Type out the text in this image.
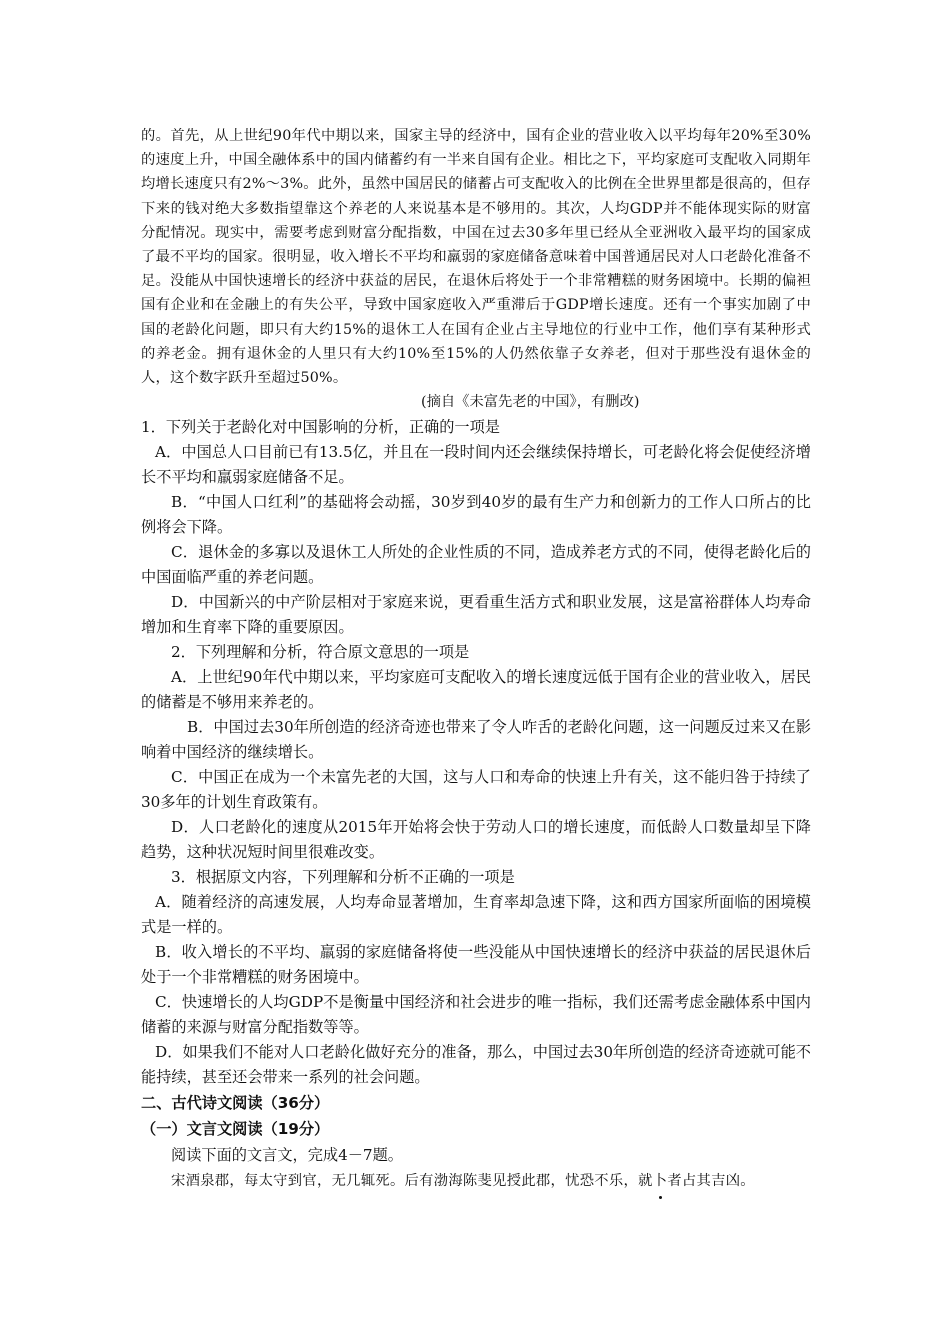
的。首先，从上世纪90年代中期以来，国家主导的经济中，国有企业的营业收入以平均每年20%至30%的速度上升，中国全融体系中的国内储蓄约有一半来自国有企业。相比之下，平均家庭可支配收入同期年均增长速度只有2%～3%。此外，虽然中国居民的储蓄占可支配收入的比例在全世界里都是很高的，但存下来的钱对绝大多数指望靠这个养老的人来说基本是不够用的。其次，人均GDP并不能体现实际的财富分配情况。现实中，需要考虑到财富分配指数，中国在过去30多年里已经从全亚洲收入最平均的国家成了最不平均的国家。很明显，收入增长不平均和羸弱的家庭储备意味着中国普通居民对人口老龄化准备不足。没能从中国快速增长的经济中获益的居民，在退休后将处于一个非常糟糕的财务困境中。长期的偏袒国有企业和在金融上的有失公平，导致中国家庭收入严重滞后于GDP增长速度。还有一个事实加剧了中国的老龄化问题，即只有大约15%的退休工人在国有企业占主导地位的行业中工作，他们享有某种形式的养老金。拥有退休金的人里只有大约10%至15%的人仍然依靠子女养老，但对于那些没有退休金的人，这个数字跃升至超过50%。

(摘自《未富先老的中国》，有删改)

1．下列关于老龄化对中国影响的分析，正确的一项是

A．中国总人口目前已有13.5亿，并且在一段时间内还会继续保持增长，可老龄化将会促使经济增长不平均和羸弱家庭储备不足。

B．“中国人口红利”的基础将会动摇，30岁到40岁的最有生产力和创新力的工作人口所占的比例将会下降。

C．退休金的多寡以及退休工人所处的企业性质的不同，造成养老方式的不同，使得老龄化后的中国面临严重的养老问题。

D．中国新兴的中产阶层相对于家庭来说，更看重生活方式和职业发展，这是富裕群体人均寿命增加和生育率下降的重要原因。

2．下列理解和分析，符合原文意思的一项是

A．上世纪90年代中期以来，平均家庭可支配收入的增长速度远低于国有企业的营业收入，居民的储蓄是不够用来养老的。

B．中国过去30年所创造的经济奇迹也带来了令人咋舌的老龄化问题，这一问题反过来又在影响着中国经济的继续增长。

C．中国正在成为一个未富先老的大国，这与人口和寿命的快速上升有关，这不能归咎于持续了30多年的计划生育政策有。

D．人口老龄化的速度从2015年开始将会快于劳动人口的增长速度，而低龄人口数量却呈下降趋势，这种状况短时间里很难改变。

3．根据原文内容，下列理解和分析不正确的一项是

A．随着经济的高速发展，人均寿命显著增加，生育率却急速下降，这和西方国家所面临的困境模式是一样的。

B．收入增长的不平均、羸弱的家庭储备将使一些没能从中国快速增长的经济中获益的居民退休后处于一个非常糟糕的财务困境中。

C．快速增长的人均GDP不是衡量中国经济和社会进步的唯一指标，我们还需考虑金融体系中国内储蓄的来源与财富分配指数等等。

D．如果我们不能对人口老龄化做好充分的准备，那么，中国过去30年所创造的经济奇迹就可能不能持续，甚至还会带来一系列的社会问题。

二、古代诗文阅读（36分）

（一）文言文阅读（19分）

阅读下面的文言文，完成4－7题。

宋酒泉郡，每太守到官，无几辄死。后有渤海陈斐见授此郡，忧恐不乐，就卜者占其吉凶。
